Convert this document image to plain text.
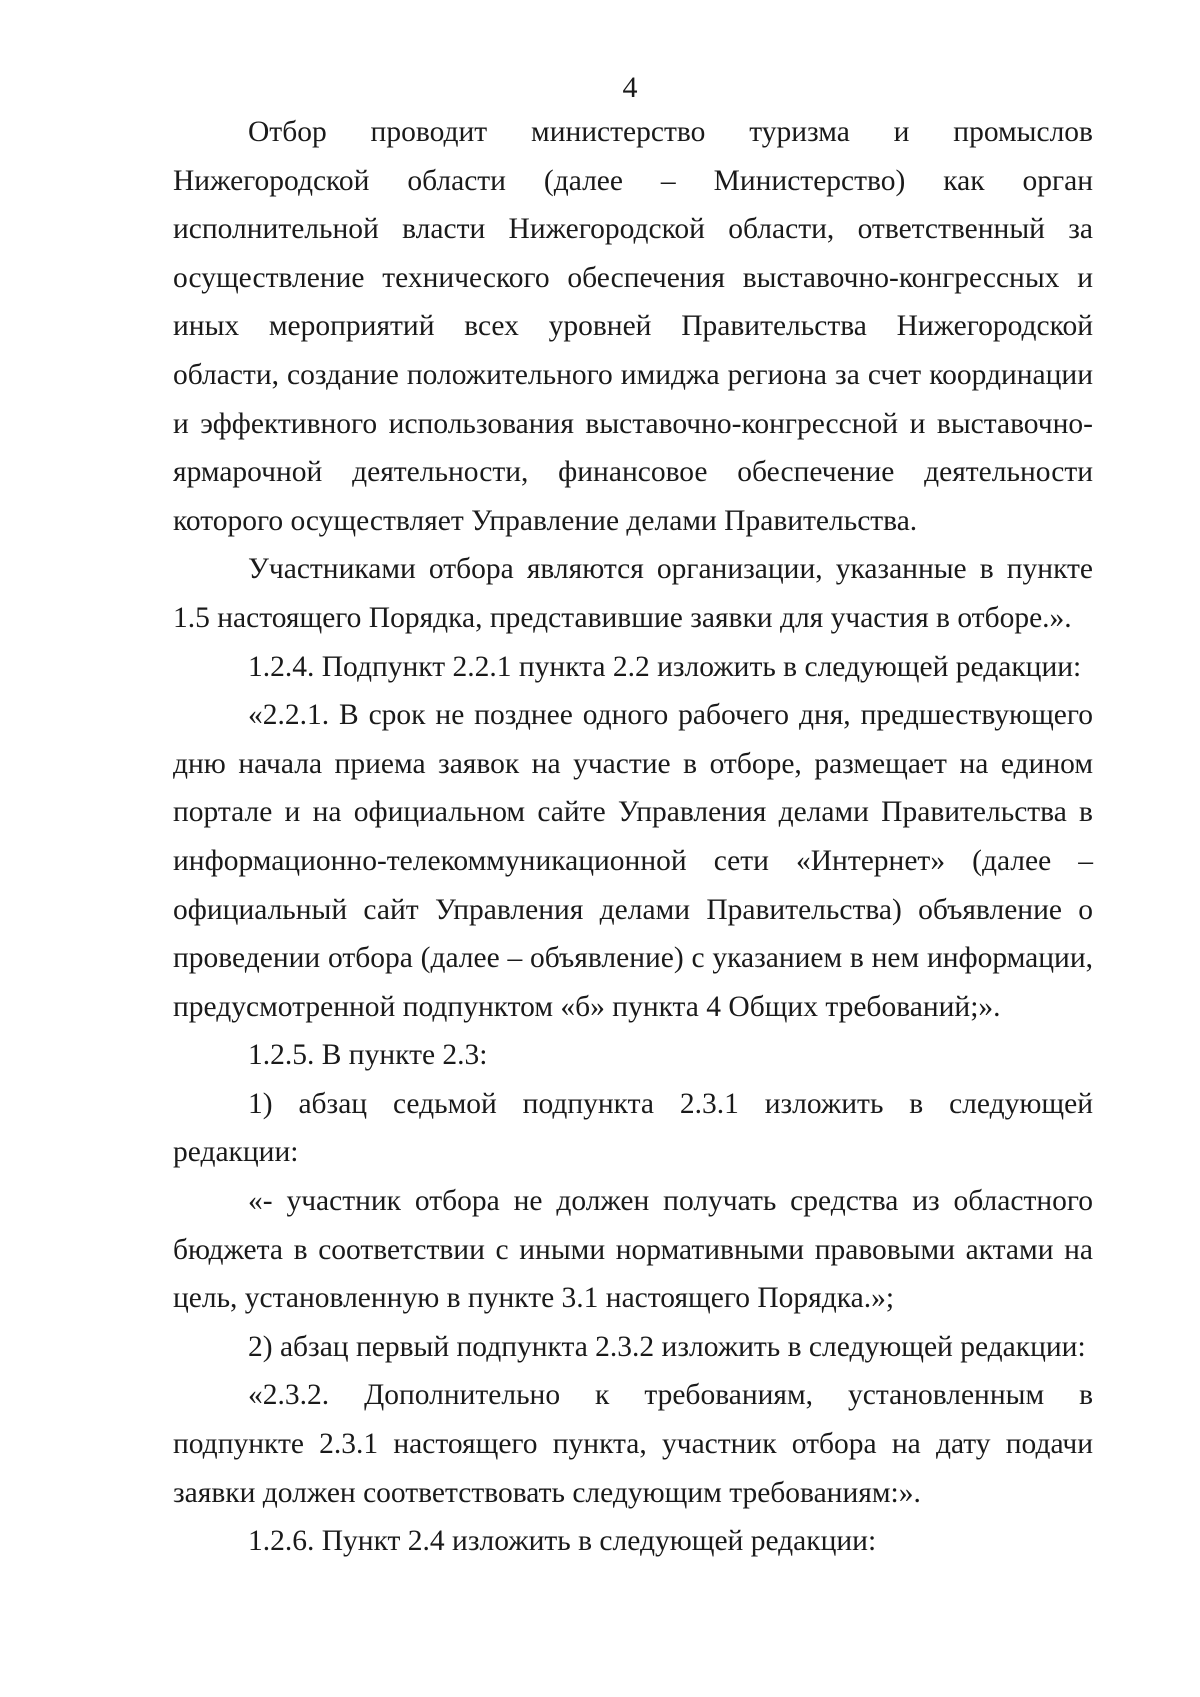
4

Отбор проводит министерство туризма и промыслов Нижегородской области (далее – Министерство) как орган исполнительной власти Нижегородской области, ответственный за осуществление технического обеспечения выставочно-конгрессных и иных мероприятий всех уровней Правительства Нижегородской области, создание положительного имиджа региона за счет координации и эффективного использования выставочно-конгрессной и выставочно-ярмарочной деятельности, финансовое обеспечение деятельности которого осуществляет Управление делами Правительства.

Участниками отбора являются организации, указанные в пункте 1.5 настоящего Порядка, представившие заявки для участия в отборе.».

1.2.4. Подпункт 2.2.1 пункта 2.2 изложить в следующей редакции:

«2.2.1. В срок не позднее одного рабочего дня, предшествующего дню начала приема заявок на участие в отборе, размещает на едином портале и на официальном сайте Управления делами Правительства в информационно-телекоммуникационной сети «Интернет» (далее – официальный сайт Управления делами Правительства) объявление о проведении отбора (далее – объявление) с указанием в нем информации, предусмотренной подпунктом «б» пункта 4 Общих требований;».

1.2.5. В пункте 2.3:

1) абзац седьмой подпункта 2.3.1 изложить в следующей редакции:

«- участник отбора не должен получать средства из областного бюджета в соответствии с иными нормативными правовыми актами на цель, установленную в пункте 3.1 настоящего Порядка.»;

2) абзац первый подпункта 2.3.2 изложить в следующей редакции:

«2.3.2. Дополнительно к требованиям, установленным в подпункте 2.3.1 настоящего пункта, участник отбора на дату подачи заявки должен соответствовать следующим требованиям:».

1.2.6. Пункт 2.4 изложить в следующей редакции:
